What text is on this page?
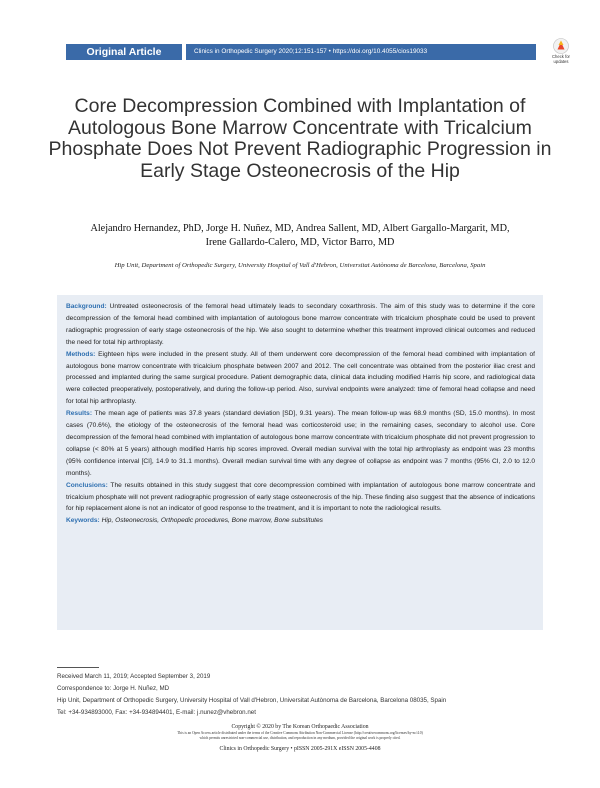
Original Article	Clinics in Orthopedic Surgery 2020;12:151-157 • https://doi.org/10.4055/cios19033
Check for
updates
Core Decompression Combined with Implantation of Autologous Bone Marrow Concentrate with Tricalcium Phosphate Does Not Prevent Radiographic Progression in Early Stage Osteonecrosis of the Hip
Alejandro Hernandez, PhD, Jorge H. Nuñez, MD, Andrea Sallent, MD, Albert Gargallo-Margarit, MD,
Irene Gallardo-Calero, MD, Victor Barro, MD
Hip Unit, Department of Orthopedic Surgery, University Hospital of Vall d'Hebron, Universitat Autònoma de Barcelona, Barcelona, Spain

Background: Untreated osteonecrosis of the femoral head ultimately leads to secondary coxarthrosis. The aim of this study was to determine if the core decompression of the femoral head combined with implantation of autologous bone marrow concentrate with tricalcium phosphate could be used to prevent radiographic progression of early stage osteonecrosis of the hip. We also sought to determine whether this treatment improved clinical outcomes and reduced the need for total hip arthroplasty.

Methods: Eighteen hips were included in the present study. All of them underwent core decompression of the femoral head combined with implantation of autologous bone marrow concentrate with tricalcium phosphate between 2007 and 2012. The cell concentrate was obtained from the posterior iliac crest and processed and implanted during the same surgical procedure. Patient demographic data, clinical data including modified Harris hip score, and radiological data were collected preoperatively, postoperatively, and during the follow-up period. Also, survival endpoints were analyzed: time of femoral head collapse and need for total hip arthroplasty.

Results: The mean age of patients was 37.8 years (standard deviation [SD], 9.31 years). The mean follow-up was 68.9 months (SD, 15.0 months). In most cases (70.6%), the etiology of the osteonecrosis of the femoral head was corticosteroid use; in the remaining cases, secondary to alcohol use. Core decompression of the femoral head combined with implantation of autologous bone marrow concentrate with tricalcium phosphate did not prevent progression to collapse (< 80% at 5 years) although modified Harris hip scores improved. Overall median survival with the total hip arthroplasty as endpoint was 23 months (95% confidence interval [CI], 14.9 to 31.1 months). Overall median survival time with any degree of collapse as endpoint was 7 months (95% CI, 2.0 to 12.0 months).

Conclusions: The results obtained in this study suggest that core decompression combined with implantation of autologous bone marrow concentrate and tricalcium phosphate will not prevent radiographic progression of early stage osteonecrosis of the hip. These finding also suggest that the absence of indications for hip replacement alone is not an indicator of good response to the treatment, and it is important to note the radiological results.

Keywords: Hip, Osteonecrosis, Orthopedic procedures, Bone marrow, Bone substitutes

Received March 11, 2019; Accepted September 3, 2019
Correspondence to: Jorge H. Nuñez, MD
Hip Unit, Department of Orthopedic Surgery, University Hospital of Vall d'Hebron, Universitat Autònoma de Barcelona, Barcelona 08035, Spain
Tel: +34-934893000, Fax: +34-934894401, E-mail: j.nunez@vhebron.net
Copyright © 2020 by The Korean Orthopaedic Association
This is an Open Access article distributed under the terms of the Creative Commons Attribution Non-Commercial License (http://creativecommons.org/licenses/by-nc/4.0)
which permits unrestricted non-commercial use, distribution, and reproduction in any medium, provided the original work is properly cited.
Clinics in Orthopedic Surgery • pISSN 2005-291X eISSN 2005-4408
